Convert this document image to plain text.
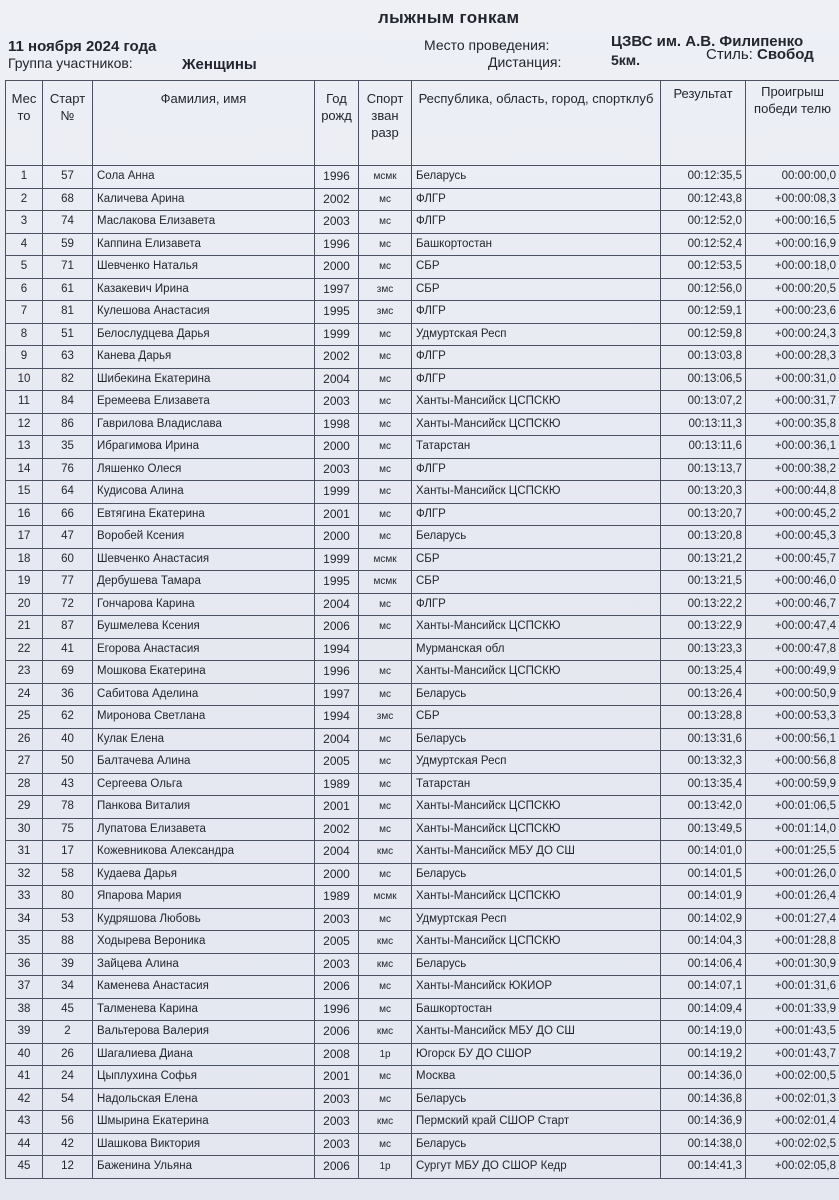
лыжным гонкам
11 ноября 2024 года
Группа участников:	Женщины
Место проведения:
Дистанция:
ЦЗВС им. А.В. Филипенко
5км.	Стиль: Свобод
Мес то	Старт №	Фамилия, имя	Год рожд	Спорт зван разр	Республика, область, город, спортклуб	Результат	Проигрыш победи телю
1	57	Сола Анна	1996	мсмк	Беларусь	00:12:35,5	00:00:00,0
2	68	Каличева Арина	2002	мс	ФЛГР	00:12:43,8	+00:00:08,3
3	74	Маслакова Елизавета	2003	мс	ФЛГР	00:12:52,0	+00:00:16,5
4	59	Каппина Елизавета	1996	мс	Башкортостан	00:12:52,4	+00:00:16,9
5	71	Шевченко Наталья	2000	мс	СБР	00:12:53,5	+00:00:18,0
6	61	Казакевич Ирина	1997	змс	СБР	00:12:56,0	+00:00:20,5
7	81	Кулешова Анастасия	1995	змс	ФЛГР	00:12:59,1	+00:00:23,6
8	51	Белослудцева Дарья	1999	мс	Удмуртская Респ	00:12:59,8	+00:00:24,3
9	63	Канева Дарья	2002	мс	ФЛГР	00:13:03,8	+00:00:28,3
10	82	Шибекина Екатерина	2004	мс	ФЛГР	00:13:06,5	+00:00:31,0
11	84	Еремеева Елизавета	2003	мс	Ханты-Мансийск ЦСПСКЮ	00:13:07,2	+00:00:31,7
12	86	Гаврилова Владислава	1998	мс	Ханты-Мансийск ЦСПСКЮ	00:13:11,3	+00:00:35,8
13	35	Ибрагимова Ирина	2000	мс	Татарстан	00:13:11,6	+00:00:36,1
14	76	Ляшенко Олеся	2003	мс	ФЛГР	00:13:13,7	+00:00:38,2
15	64	Кудисова Алина	1999	мс	Ханты-Мансийск ЦСПСКЮ	00:13:20,3	+00:00:44,8
16	66	Евтягина Екатерина	2001	мс	ФЛГР	00:13:20,7	+00:00:45,2
17	47	Воробей Ксения	2000	мс	Беларусь	00:13:20,8	+00:00:45,3
18	60	Шевченко Анастасия	1999	мсмк	СБР	00:13:21,2	+00:00:45,7
19	77	Дербушева Тамара	1995	мсмк	СБР	00:13:21,5	+00:00:46,0
20	72	Гончарова Карина	2004	мс	ФЛГР	00:13:22,2	+00:00:46,7
21	87	Бушмелева Ксения	2006	мс	Ханты-Мансийск ЦСПСКЮ	00:13:22,9	+00:00:47,4
22	41	Егорова Анастасия	1994		Мурманская обл	00:13:23,3	+00:00:47,8
23	69	Мошкова Екатерина	1996	мс	Ханты-Мансийск ЦСПСКЮ	00:13:25,4	+00:00:49,9
24	36	Сабитова Аделина	1997	мс	Беларусь	00:13:26,4	+00:00:50,9
25	62	Миронова Светлана	1994	змс	СБР	00:13:28,8	+00:00:53,3
26	40	Кулак Елена	2004	мс	Беларусь	00:13:31,6	+00:00:56,1
27	50	Балтачева Алина	2005	мс	Удмуртская Респ	00:13:32,3	+00:00:56,8
28	43	Сергеева Ольга	1989	мс	Татарстан	00:13:35,4	+00:00:59,9
29	78	Панкова Виталия	2001	мс	Ханты-Мансийск ЦСПСКЮ	00:13:42,0	+00:01:06,5
30	75	Лупатова Елизавета	2002	мс	Ханты-Мансийск ЦСПСКЮ	00:13:49,5	+00:01:14,0
31	17	Кожевникова Александра	2004	кмс	Ханты-Мансийск МБУ ДО СШ	00:14:01,0	+00:01:25,5
32	58	Кудаева Дарья	2000	мс	Беларусь	00:14:01,5	+00:01:26,0
33	80	Япарова Мария	1989	мсмк	Ханты-Мансийск ЦСПСКЮ	00:14:01,9	+00:01:26,4
34	53	Кудряшова Любовь	2003	мс	Удмуртская Респ	00:14:02,9	+00:01:27,4
35	88	Ходырева Вероника	2005	кмс	Ханты-Мансийск ЦСПСКЮ	00:14:04,3	+00:01:28,8
36	39	Зайцева Алина	2003	кмс	Беларусь	00:14:06,4	+00:01:30,9
37	34	Каменева Анастасия	2006	мс	Ханты-Мансийск ЮКИОР	00:14:07,1	+00:01:31,6
38	45	Талменева Карина	1996	мс	Башкортостан	00:14:09,4	+00:01:33,9
39	2	Вальтерова Валерия	2006	кмс	Ханты-Мансийск МБУ ДО СШ	00:14:19,0	+00:01:43,5
40	26	Шагалиева Диана	2008	1р	Югорск БУ ДО СШОР	00:14:19,2	+00:01:43,7
41	24	Цыплухина Софья	2001	мс	Москва	00:14:36,0	+00:02:00,5
42	54	Надольская Елена	2003	мс	Беларусь	00:14:36,8	+00:02:01,3
43	56	Шмырина Екатерина	2003	кмс	Пермский край СШОР Старт	00:14:36,9	+00:02:01,4
44	42	Шашкова Виктория	2003	мс	Беларусь	00:14:38,0	+00:02:02,5
45	12	Баженина Ульяна	2006	1р	Сургут МБУ ДО СШОР Кедр	00:14:41,3	+00:02:05,8
